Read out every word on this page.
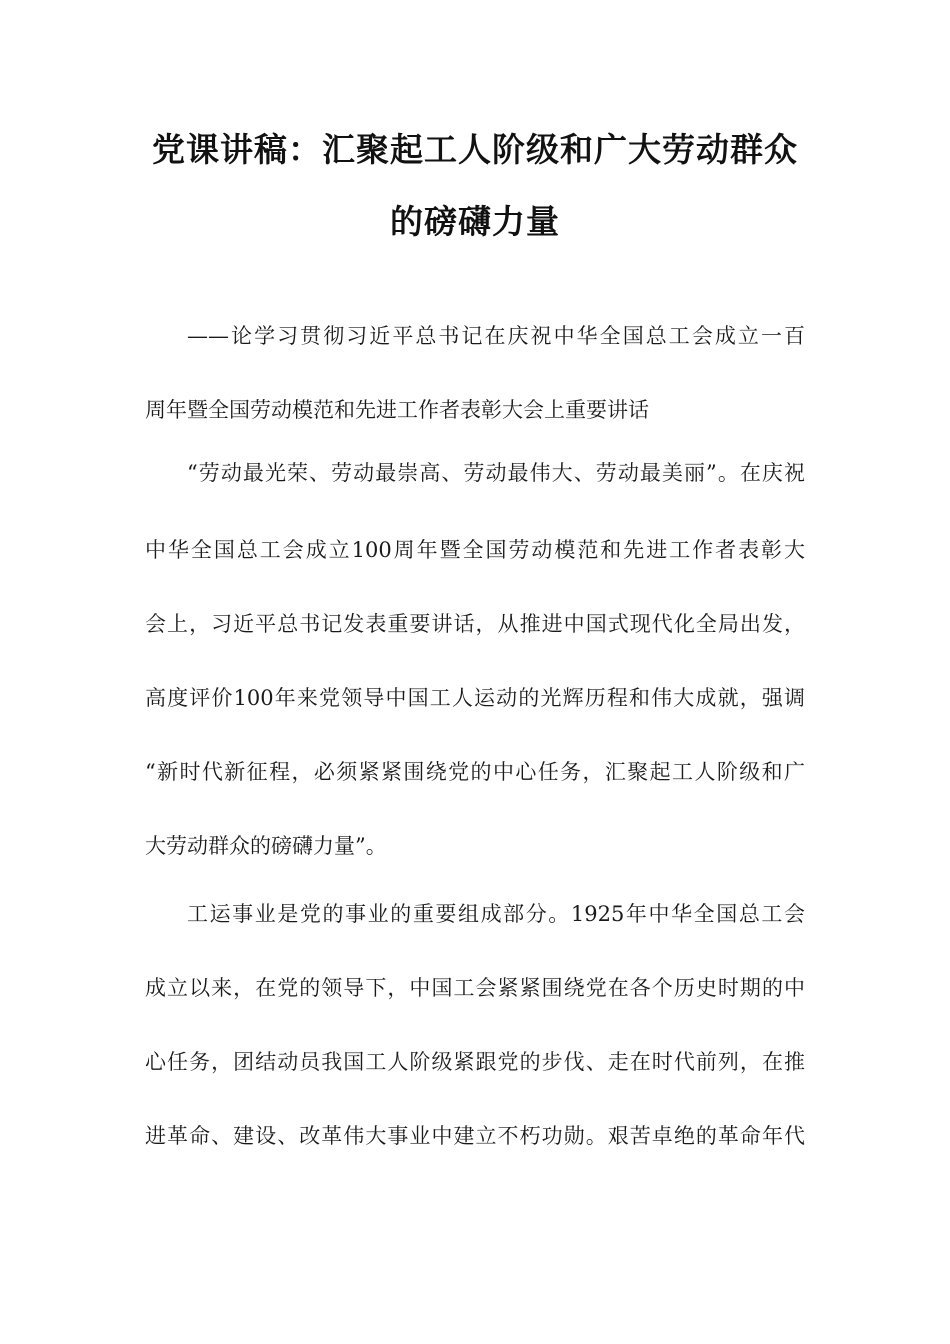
党课讲稿：汇聚起工人阶级和广大劳动群众
的磅礴力量
——论学习贯彻习近平总书记在庆祝中华全国总工会成立一百
周年暨全国劳动模范和先进工作者表彰大会上重要讲话
“劳动最光荣、劳动最崇高、劳动最伟大、劳动最美丽”。在庆祝
中华全国总工会成立100周年暨全国劳动模范和先进工作者表彰大
会上，习近平总书记发表重要讲话，从推进中国式现代化全局出发，
高度评价100年来党领导中国工人运动的光辉历程和伟大成就，强调
“新时代新征程，必须紧紧围绕党的中心任务，汇聚起工人阶级和广
大劳动群众的磅礴力量”。
工运事业是党的事业的重要组成部分。1925年中华全国总工会
成立以来，在党的领导下，中国工会紧紧围绕党在各个历史时期的中
心任务，团结动员我国工人阶级紧跟党的步伐、走在时代前列，在推
进革命、建设、改革伟大事业中建立不朽功勋。艰苦卓绝的革命年代
